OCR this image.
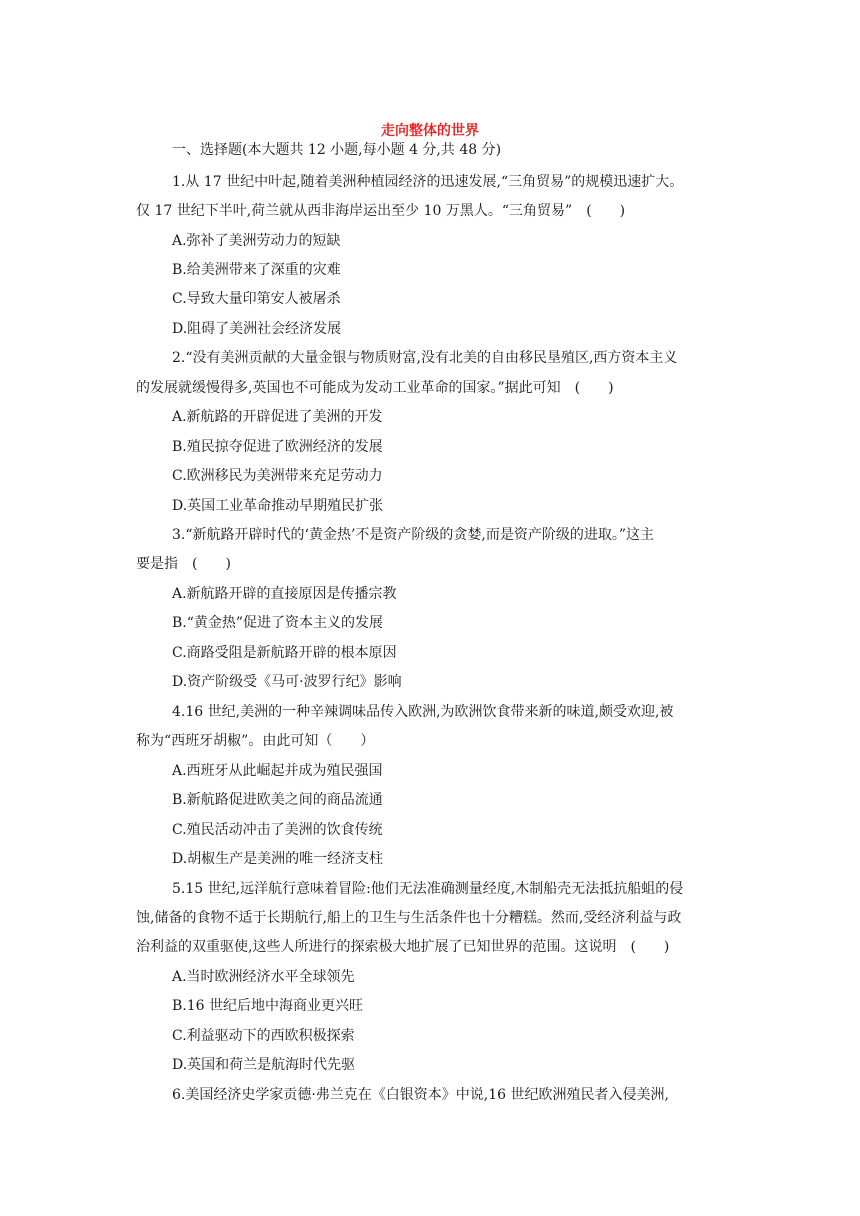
走向整体的世界
一、选择题(本大题共 12 小题,每小题 4 分,共 48 分)
1.从 17 世纪中叶起,随着美洲种植园经济的迅速发展,“三角贸易”的规模迅速扩大。
仅 17 世纪下半叶,荷兰就从西非海岸运出至少 10 万黑人。“三角贸易”　(　　)
A.弥补了美洲劳动力的短缺
B.给美洲带来了深重的灾难
C.导致大量印第安人被屠杀
D.阻碍了美洲社会经济发展
2.“没有美洲贡献的大量金银与物质财富,没有北美的自由移民垦殖区,西方资本主义
的发展就缓慢得多,英国也不可能成为发动工业革命的国家。”据此可知　(　　)
A.新航路的开辟促进了美洲的开发
B.殖民掠夺促进了欧洲经济的发展
C.欧洲移民为美洲带来充足劳动力
D.英国工业革命推动早期殖民扩张
3.“新航路开辟时代的‘黄金热’不是资产阶级的贪婪,而是资产阶级的进取。”这主
要是指　(　　)
A.新航路开辟的直接原因是传播宗教
B.“黄金热”促进了资本主义的发展
C.商路受阻是新航路开辟的根本原因
D.资产阶级受《马可·波罗行纪》影响
4.16 世纪,美洲的一种辛辣调味品传入欧洲,为欧洲饮食带来新的味道,颇受欢迎,被
称为“西班牙胡椒”。由此可知（　　）
A.西班牙从此崛起并成为殖民强国
B.新航路促进欧美之间的商品流通
C.殖民活动冲击了美洲的饮食传统
D.胡椒生产是美洲的唯一经济支柱
5.15 世纪,远洋航行意味着冒险:他们无法准确测量经度,木制船壳无法抵抗船蛆的侵
蚀,储备的食物不适于长期航行,船上的卫生与生活条件也十分糟糕。然而,受经济利益与政
治利益的双重驱使,这些人所进行的探索极大地扩展了已知世界的范围。这说明　(　　)
A.当时欧洲经济水平全球领先
B.16 世纪后地中海商业更兴旺
C.利益驱动下的西欧积极探索
D.英国和荷兰是航海时代先驱
6.美国经济史学家贡德·弗兰克在《白银资本》中说,16 世纪欧洲殖民者入侵美洲,
